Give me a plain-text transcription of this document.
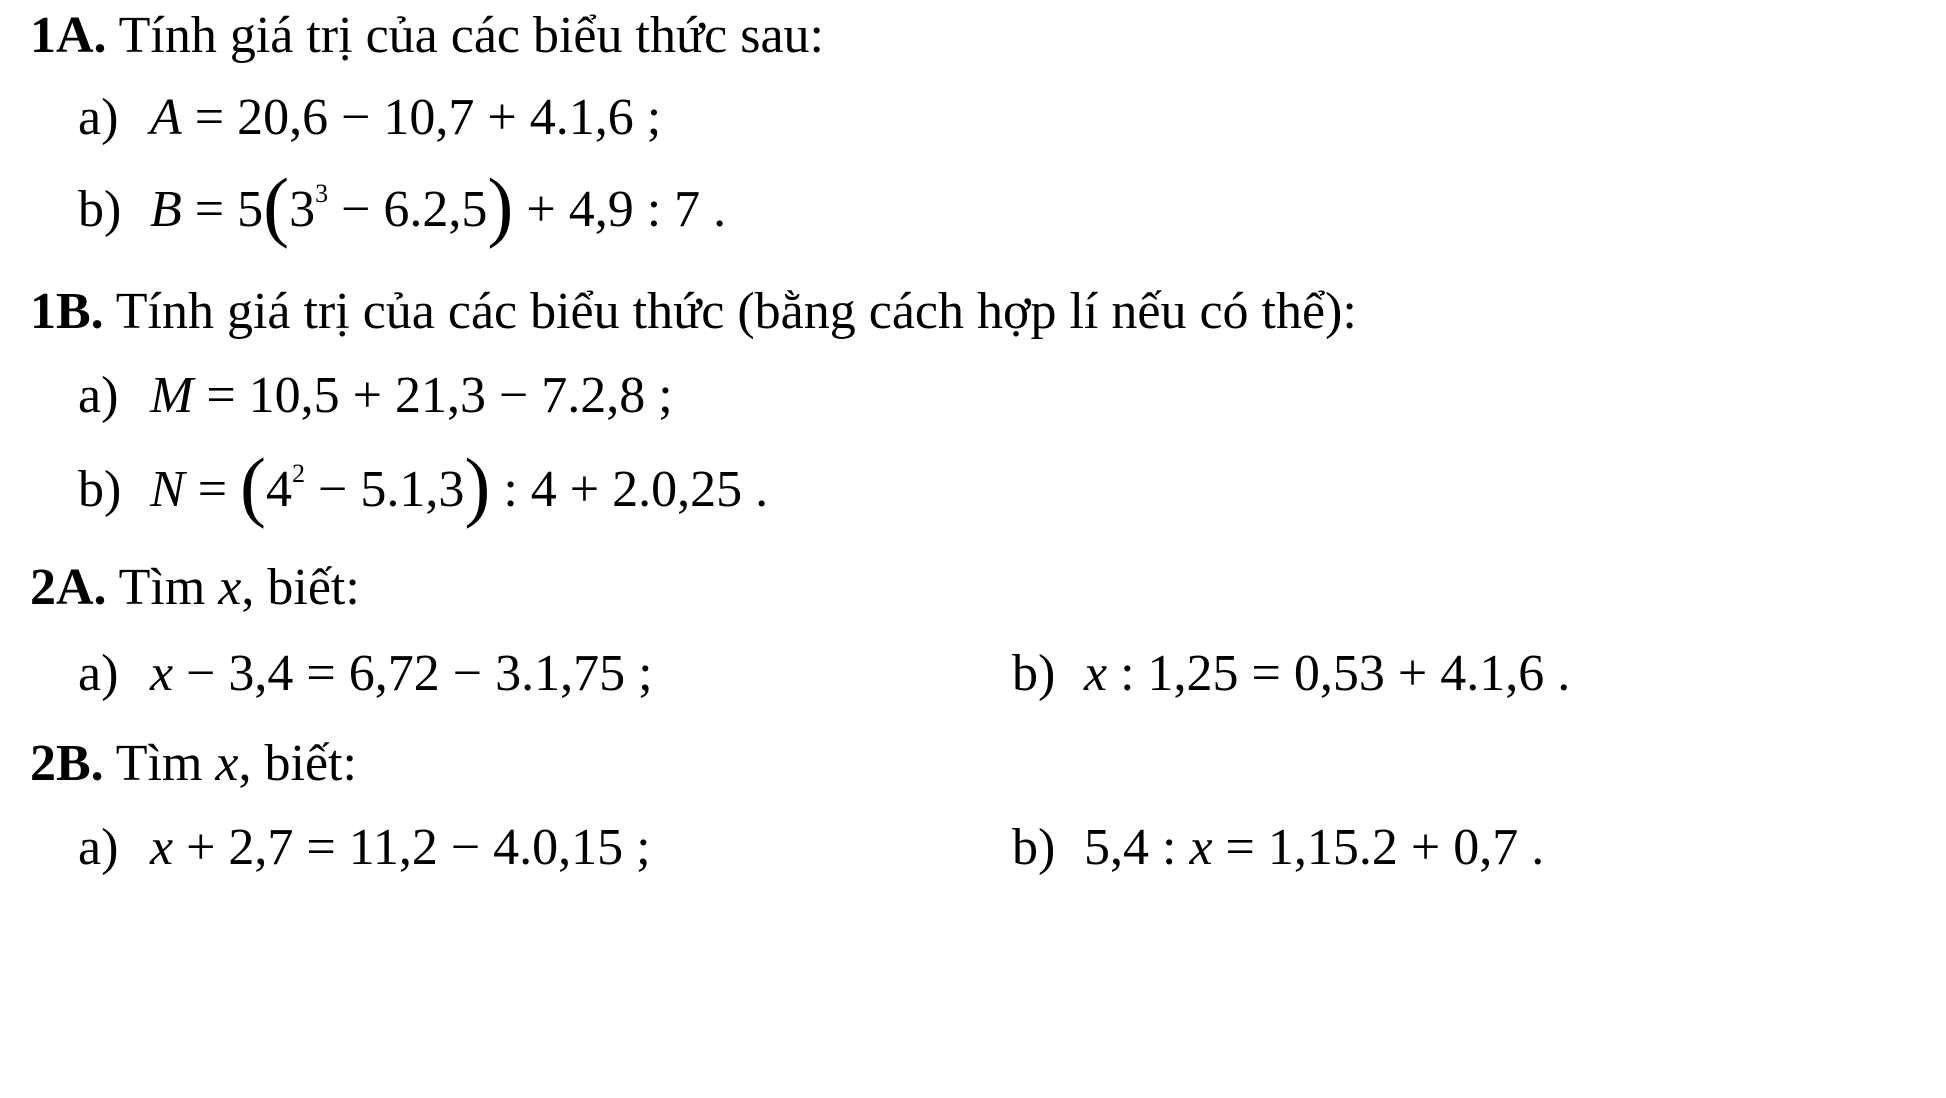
1A. Tính giá trị của các biểu thức sau:
a) A = 20,6 − 10,7 + 4.1,6 ;
b) $B = 5(3^3 - 6.2,5) + 4,9$ : 7 .
1B. Tính giá trị của các biểu thức (bằng cách hợp lí nếu có thể):
a) M = 10,5 + 21,3 − 7.2,8 ;
b) $N = (4^2 - 5.1,3)$ : 4 + 2.0,25 .
2A. Tìm x, biết:
a) x − 3,4 = 6,72 − 3.1,75 ;	b) x : 1,25 = 0,53 + 4.1,6 .
2B. Tìm x, biết:
a) x + 2,7 = 11,2 − 4.0,15 ;	b) 5,4 : x = 1,15.2 + 0,7 .
